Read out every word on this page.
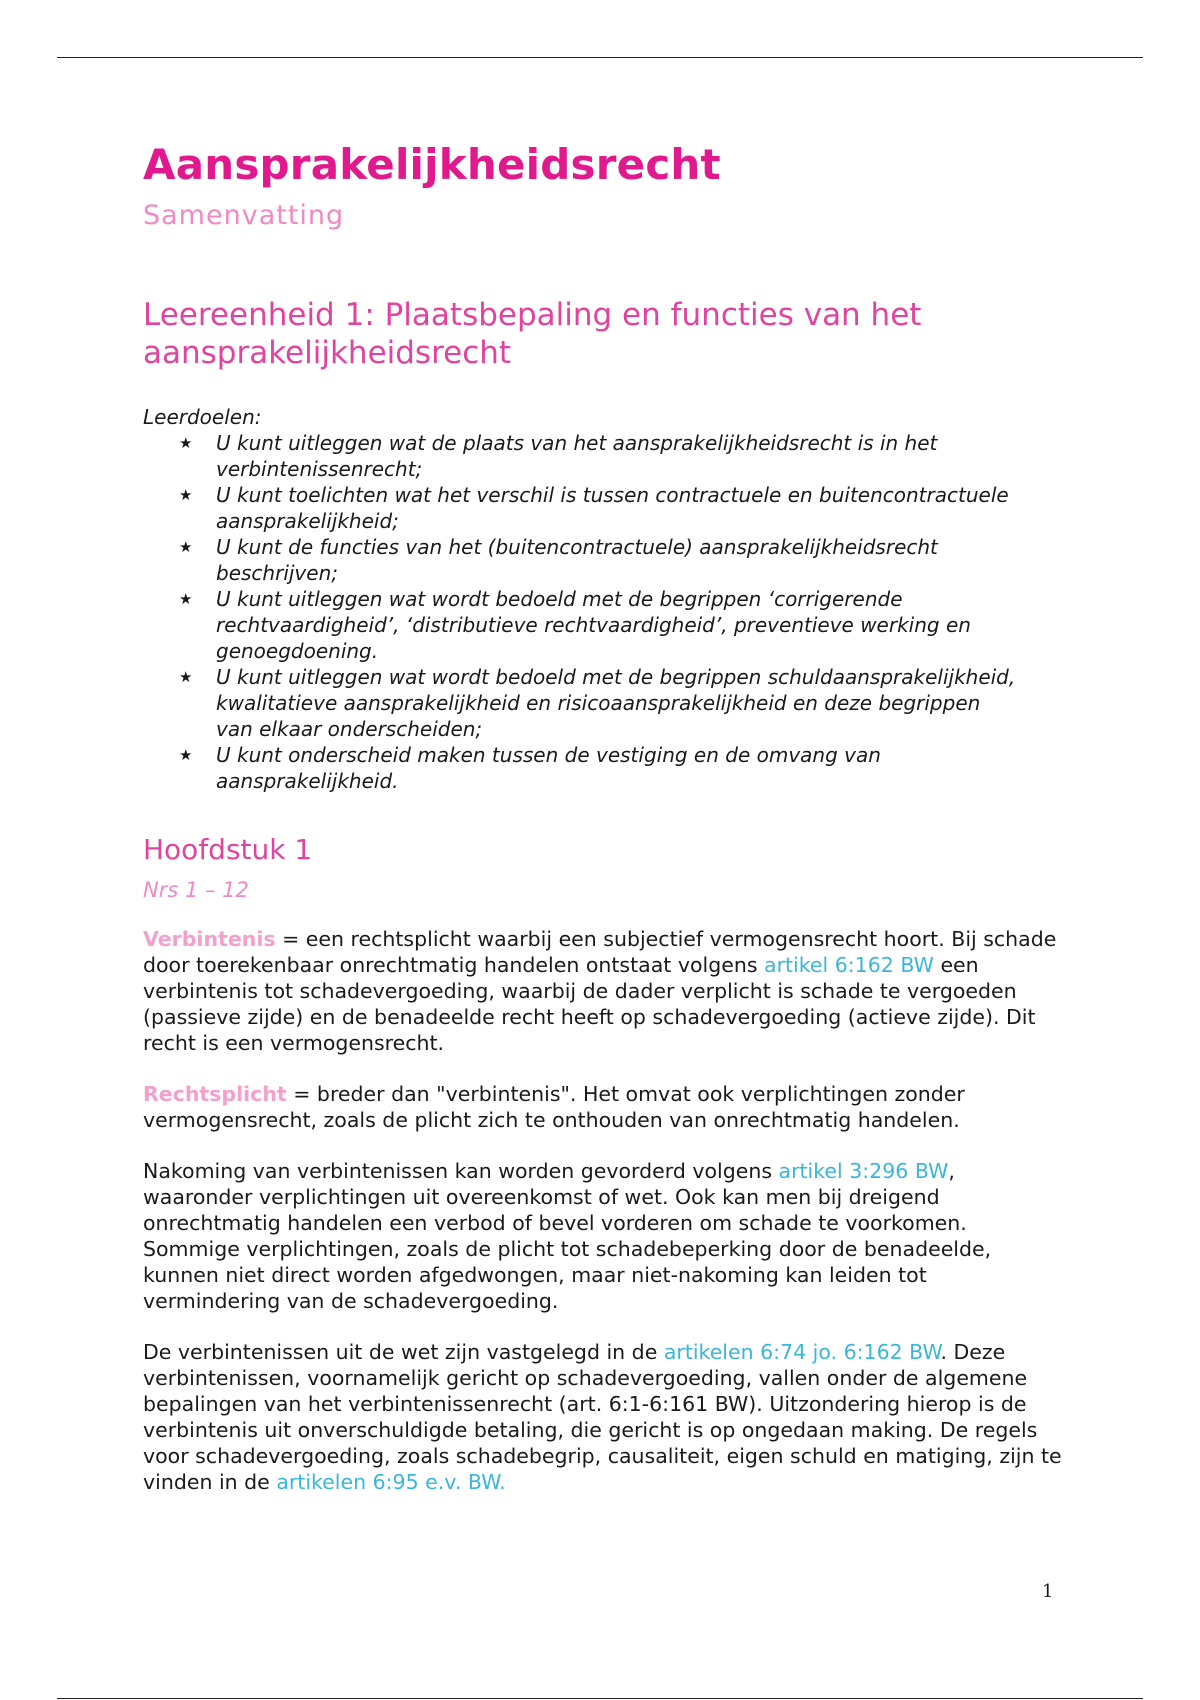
Aansprakelijkheidsrecht
Samenvatting
Leereenheid 1: Plaatsbepaling en functies van het aansprakelijkheidsrecht
Leerdoelen:
★ U kunt uitleggen wat de plaats van het aansprakelijkheidsrecht is in het verbintenissenrecht;
★ U kunt toelichten wat het verschil is tussen contractuele en buitencontractuele aansprakelijkheid;
★ U kunt de functies van het (buitencontractuele) aansprakelijkheidsrecht beschrijven;
★ U kunt uitleggen wat wordt bedoeld met de begrippen ‘corrigerende rechtvaardigheid’, ‘distributieve rechtvaardigheid’, preventieve werking en genoegdoening.
★ U kunt uitleggen wat wordt bedoeld met de begrippen schuldaansprakelijkheid, kwalitatieve aansprakelijkheid en risicoaansprakelijkheid en deze begrippen van elkaar onderscheiden;
★ U kunt onderscheid maken tussen de vestiging en de omvang van aansprakelijkheid.
Hoofdstuk 1
Nrs 1 – 12

Verbintenis = een rechtsplicht waarbij een subjectief vermogensrecht hoort. Bij schade door toerekenbaar onrechtmatig handelen ontstaat volgens artikel 6:162 BW een verbintenis tot schadevergoeding, waarbij de dader verplicht is schade te vergoeden (passieve zijde) en de benadeelde recht heeft op schadevergoeding (actieve zijde). Dit recht is een vermogensrecht.

Rechtsplicht = breder dan "verbintenis". Het omvat ook verplichtingen zonder vermogensrecht, zoals de plicht zich te onthouden van onrechtmatig handelen.

Nakoming van verbintenissen kan worden gevorderd volgens artikel 3:296 BW, waaronder verplichtingen uit overeenkomst of wet. Ook kan men bij dreigend onrechtmatig handelen een verbod of bevel vorderen om schade te voorkomen. Sommige verplichtingen, zoals de plicht tot schadebeperking door de benadeelde, kunnen niet direct worden afgedwongen, maar niet-nakoming kan leiden tot vermindering van de schadevergoeding.

De verbintenissen uit de wet zijn vastgelegd in de artikelen 6:74 jo. 6:162 BW. Deze verbintenissen, voornamelijk gericht op schadevergoeding, vallen onder de algemene bepalingen van het verbintenissenrecht (art. 6:1-6:161 BW). Uitzondering hierop is de verbintenis uit onverschuldigde betaling, die gericht is op ongedaan making. De regels voor schadevergoeding, zoals schadebegrip, causaliteit, eigen schuld en matiging, zijn te vinden in de artikelen 6:95 e.v. BW.

1
